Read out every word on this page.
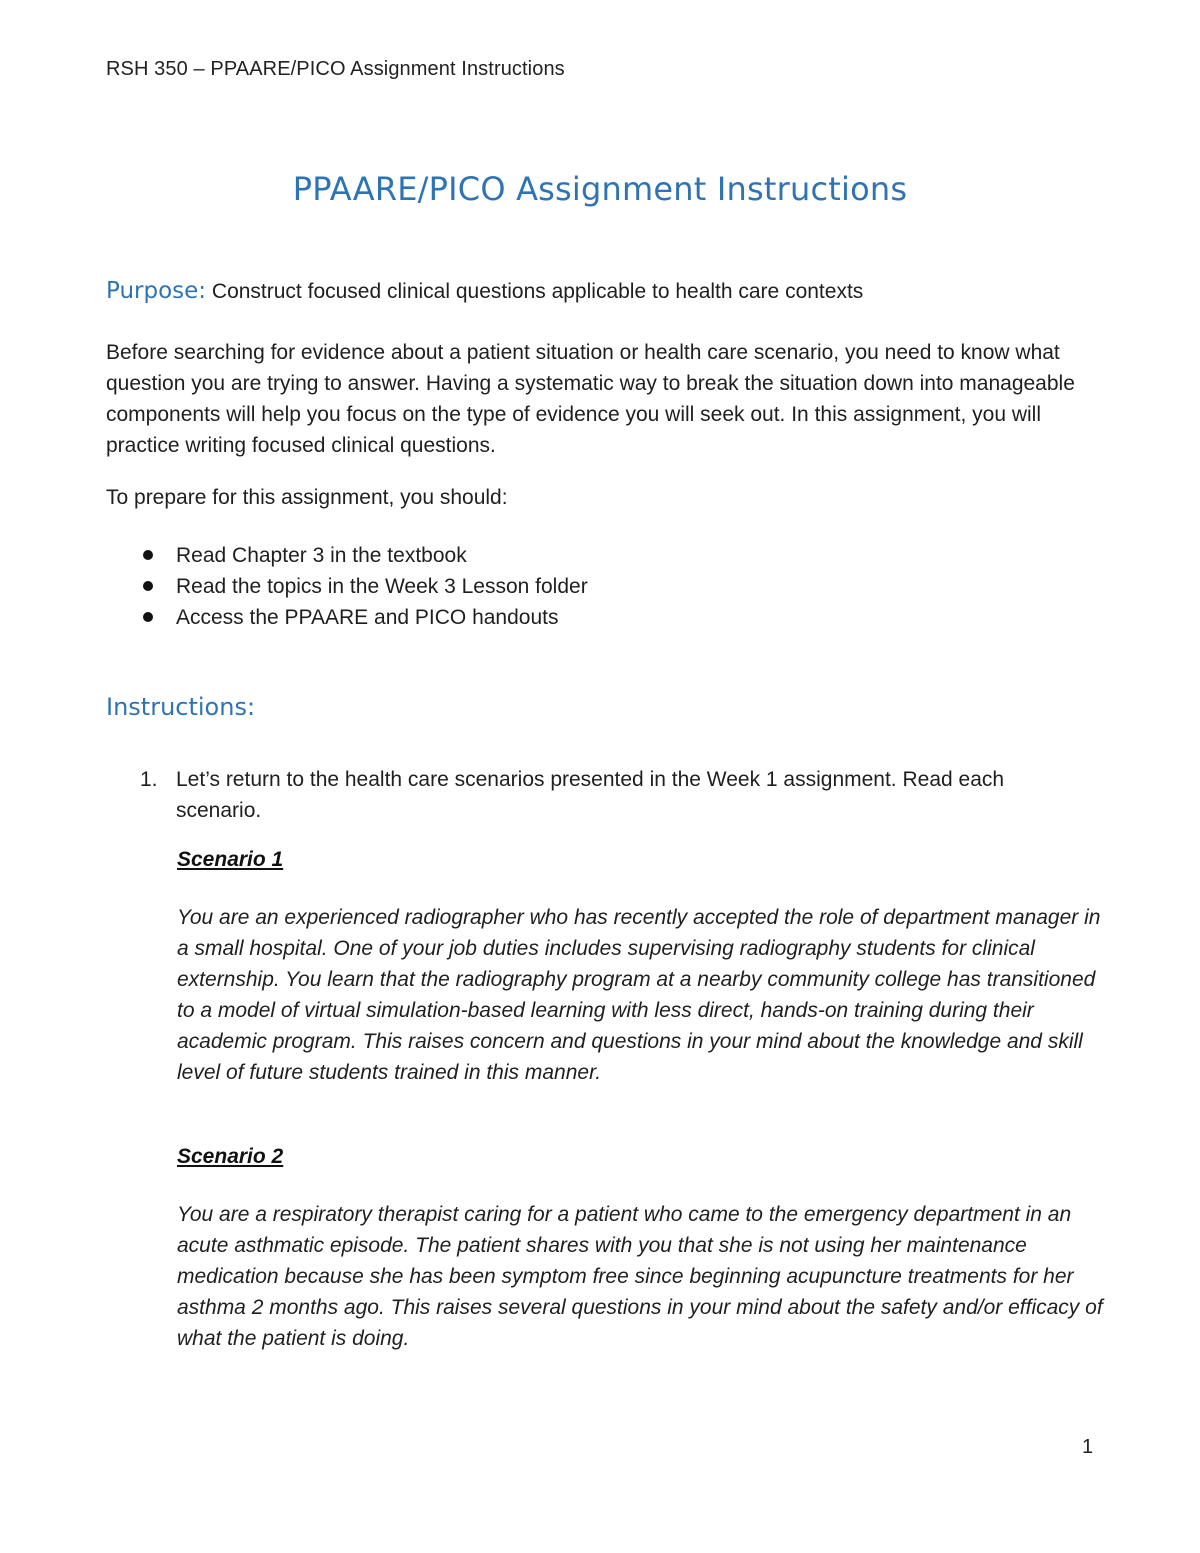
RSH 350 – PPAARE/PICO Assignment Instructions
PPAARE/PICO Assignment Instructions
Purpose: Construct focused clinical questions applicable to health care contexts
Before searching for evidence about a patient situation or health care scenario, you need to know what question you are trying to answer. Having a systematic way to break the situation down into manageable components will help you focus on the type of evidence you will seek out. In this assignment, you will practice writing focused clinical questions.
To prepare for this assignment, you should:
Read Chapter 3 in the textbook
Read the topics in the Week 3 Lesson folder
Access the PPAARE and PICO handouts
Instructions:
1. Let’s return to the health care scenarios presented in the Week 1 assignment. Read each scenario.
Scenario 1
You are an experienced radiographer who has recently accepted the role of department manager in a small hospital. One of your job duties includes supervising radiography students for clinical externship. You learn that the radiography program at a nearby community college has transitioned to a model of virtual simulation-based learning with less direct, hands-on training during their academic program. This raises concern and questions in your mind about the knowledge and skill level of future students trained in this manner.
Scenario 2
You are a respiratory therapist caring for a patient who came to the emergency department in an acute asthmatic episode. The patient shares with you that she is not using her maintenance medication because she has been symptom free since beginning acupuncture treatments for her asthma 2 months ago. This raises several questions in your mind about the safety and/or efficacy of what the patient is doing.
1
